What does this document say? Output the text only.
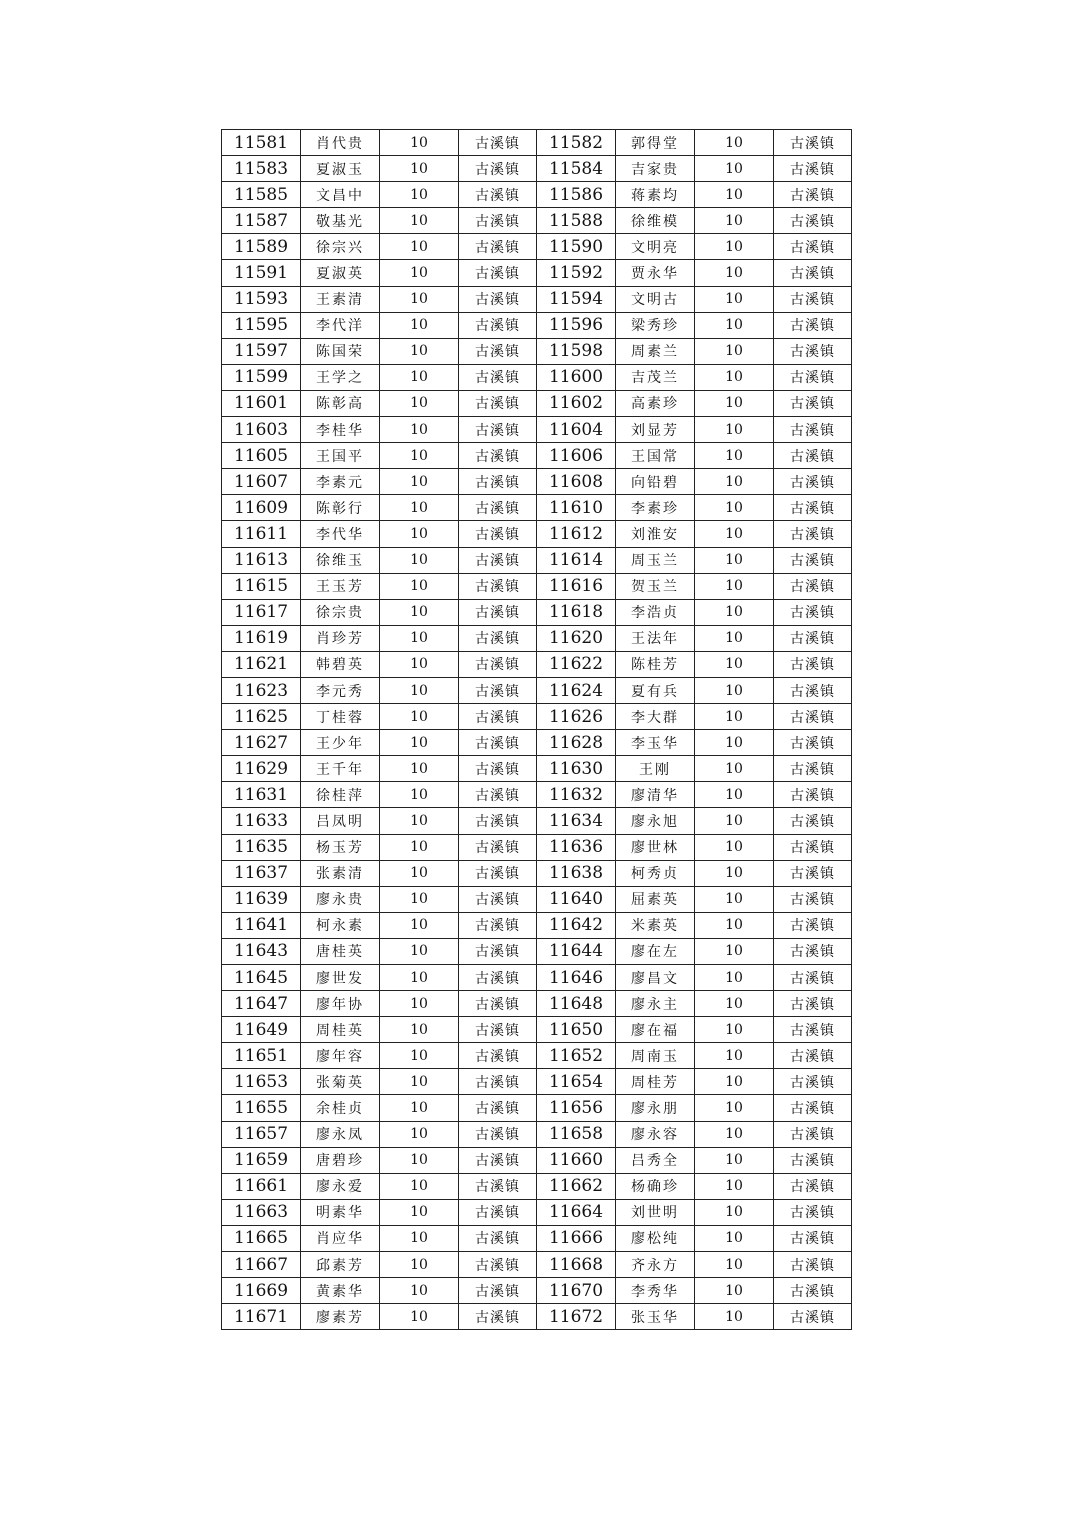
11581	肖代贵	10	古溪镇	11582	郭得堂	10	古溪镇
11583	夏淑玉	10	古溪镇	11584	吉家贵	10	古溪镇
11585	文昌中	10	古溪镇	11586	蒋素均	10	古溪镇
11587	敬基光	10	古溪镇	11588	徐维模	10	古溪镇
11589	徐宗兴	10	古溪镇	11590	文明亮	10	古溪镇
11591	夏淑英	10	古溪镇	11592	贾永华	10	古溪镇
11593	王素清	10	古溪镇	11594	文明古	10	古溪镇
11595	李代洋	10	古溪镇	11596	梁秀珍	10	古溪镇
11597	陈国荣	10	古溪镇	11598	周素兰	10	古溪镇
11599	王学之	10	古溪镇	11600	吉茂兰	10	古溪镇
11601	陈彰高	10	古溪镇	11602	高素珍	10	古溪镇
11603	李桂华	10	古溪镇	11604	刘显芳	10	古溪镇
11605	王国平	10	古溪镇	11606	王国常	10	古溪镇
11607	李素元	10	古溪镇	11608	向铅碧	10	古溪镇
11609	陈彰行	10	古溪镇	11610	李素珍	10	古溪镇
11611	李代华	10	古溪镇	11612	刘淮安	10	古溪镇
11613	徐维玉	10	古溪镇	11614	周玉兰	10	古溪镇
11615	王玉芳	10	古溪镇	11616	贺玉兰	10	古溪镇
11617	徐宗贵	10	古溪镇	11618	李浩贞	10	古溪镇
11619	肖珍芳	10	古溪镇	11620	王法年	10	古溪镇
11621	韩碧英	10	古溪镇	11622	陈桂芳	10	古溪镇
11623	李元秀	10	古溪镇	11624	夏有兵	10	古溪镇
11625	丁桂蓉	10	古溪镇	11626	李大群	10	古溪镇
11627	王少年	10	古溪镇	11628	李玉华	10	古溪镇
11629	王千年	10	古溪镇	11630	王刚	10	古溪镇
11631	徐桂萍	10	古溪镇	11632	廖清华	10	古溪镇
11633	吕凤明	10	古溪镇	11634	廖永旭	10	古溪镇
11635	杨玉芳	10	古溪镇	11636	廖世林	10	古溪镇
11637	张素清	10	古溪镇	11638	柯秀贞	10	古溪镇
11639	廖永贵	10	古溪镇	11640	屈素英	10	古溪镇
11641	柯永素	10	古溪镇	11642	米素英	10	古溪镇
11643	唐桂英	10	古溪镇	11644	廖在左	10	古溪镇
11645	廖世发	10	古溪镇	11646	廖昌文	10	古溪镇
11647	廖年协	10	古溪镇	11648	廖永主	10	古溪镇
11649	周桂英	10	古溪镇	11650	廖在福	10	古溪镇
11651	廖年容	10	古溪镇	11652	周南玉	10	古溪镇
11653	张菊英	10	古溪镇	11654	周桂芳	10	古溪镇
11655	余桂贞	10	古溪镇	11656	廖永朋	10	古溪镇
11657	廖永凤	10	古溪镇	11658	廖永容	10	古溪镇
11659	唐碧珍	10	古溪镇	11660	吕秀全	10	古溪镇
11661	廖永爱	10	古溪镇	11662	杨确珍	10	古溪镇
11663	明素华	10	古溪镇	11664	刘世明	10	古溪镇
11665	肖应华	10	古溪镇	11666	廖松纯	10	古溪镇
11667	邱素芳	10	古溪镇	11668	齐永方	10	古溪镇
11669	黄素华	10	古溪镇	11670	李秀华	10	古溪镇
11671	廖素芳	10	古溪镇	11672	张玉华	10	古溪镇
